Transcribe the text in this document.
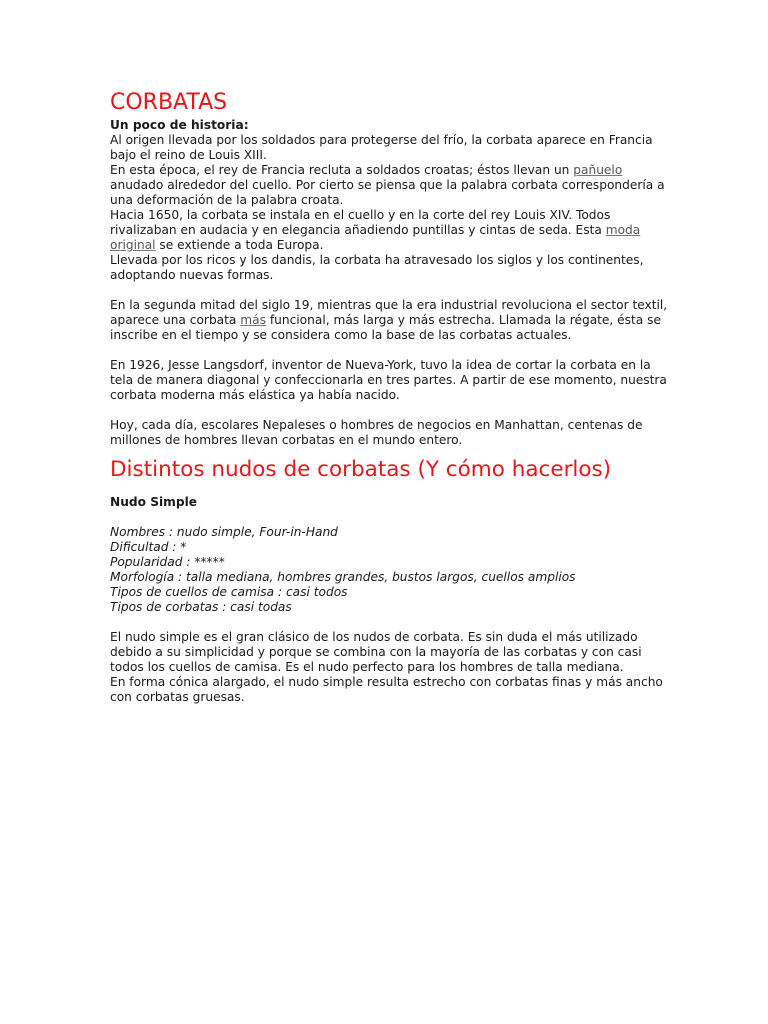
CORBATAS

Un poco de historia:

Al origen llevada por los soldados para protegerse del frío, la corbata aparece en Francia bajo el reino de Louis XIII.

En esta época, el rey de Francia recluta a soldados croatas; éstos llevan un pañuelo anudado alrededor del cuello. Por cierto se piensa que la palabra corbata correspondería a una deformación de la palabra croata.

Hacia 1650, la corbata se instala en el cuello y en la corte del rey Louis XIV. Todos rivalizaban en audacia y en elegancia añadiendo puntillas y cintas de seda. Esta moda original se extiende a toda Europa.

Llevada por los ricos y los dandis, la corbata ha atravesado los siglos y los continentes, adoptando nuevas formas.

En la segunda mitad del siglo 19, mientras que la era industrial revoluciona el sector textil, aparece una corbata más funcional, más larga y más estrecha. Llamada la régate, ésta se inscribe en el tiempo y se considera como la base de las corbatas actuales.

En 1926, Jesse Langsdorf, inventor de Nueva-York, tuvo la idea de cortar la corbata en la tela de manera diagonal y confeccionarla en tres partes. A partir de ese momento, nuestra corbata moderna más elástica ya había nacido.

Hoy, cada día, escolares Nepaleses o hombres de negocios en Manhattan, centenas de millones de hombres llevan corbatas en el mundo entero.

Distintos nudos de corbatas (Y cómo hacerlos)

Nudo Simple

Nombres : nudo simple, Four-in-Hand

Dificultad : *

Popularidad : *****

Morfología : talla mediana, hombres grandes, bustos largos, cuellos amplios

Tipos de cuellos de camisa : casi todos

Tipos de corbatas : casi todas

El nudo simple es el gran clásico de los nudos de corbata. Es sin duda el más utilizado debido a su simplicidad y porque se combina con la mayoría de las corbatas y con casi todos los cuellos de camisa. Es el nudo perfecto para los hombres de talla mediana.

En forma cónica alargado, el nudo simple resulta estrecho con corbatas finas y más ancho con corbatas gruesas.
